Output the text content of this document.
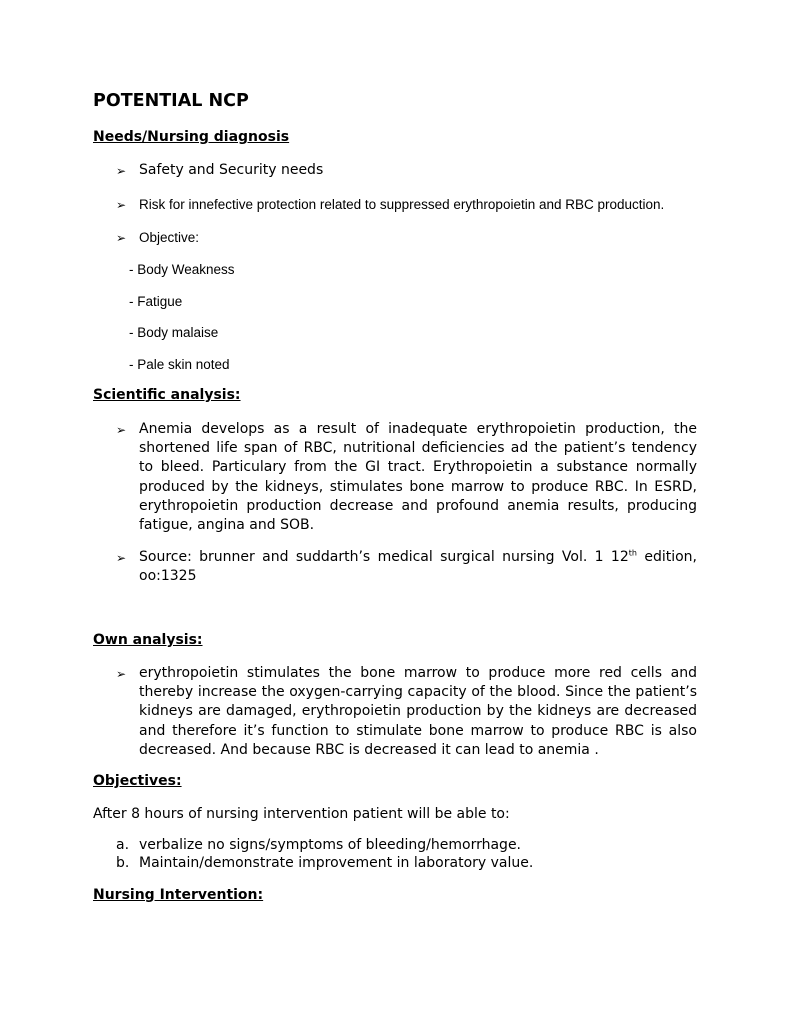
POTENTIAL NCP
Needs/Nursing diagnosis
➢ Safety and Security needs
➢ Risk for innefective protection related to suppressed erythropoietin and RBC production.
➢ Objective:
- Body Weakness
- Fatigue
- Body malaise
- Pale skin noted
Scientific analysis:
➢ Anemia develops as a result of inadequate erythropoietin production, the shortened life span of RBC, nutritional deficiencies ad the patient’s tendency to bleed. Particulary from the GI tract. Erythropoietin a substance normally produced by the kidneys, stimulates bone marrow to produce RBC. In ESRD, erythropoietin production decrease and profound anemia results, producing fatigue, angina and SOB.
➢ Source: brunner and suddarth’s medical surgical nursing Vol. 1 12th edition, oo:1325
Own analysis:
➢ erythropoietin stimulates the bone marrow to produce more red cells and thereby increase the oxygen-carrying capacity of the blood. Since the patient’s kidneys are damaged, erythropoietin production by the kidneys are decreased and therefore it’s function to stimulate bone marrow to produce RBC is also decreased. And because RBC is decreased it can lead to anemia .
Objectives:
After 8 hours of nursing intervention patient will be able to:
a. verbalize no signs/symptoms of bleeding/hemorrhage.
b. Maintain/demonstrate improvement in laboratory value.
Nursing Intervention:
